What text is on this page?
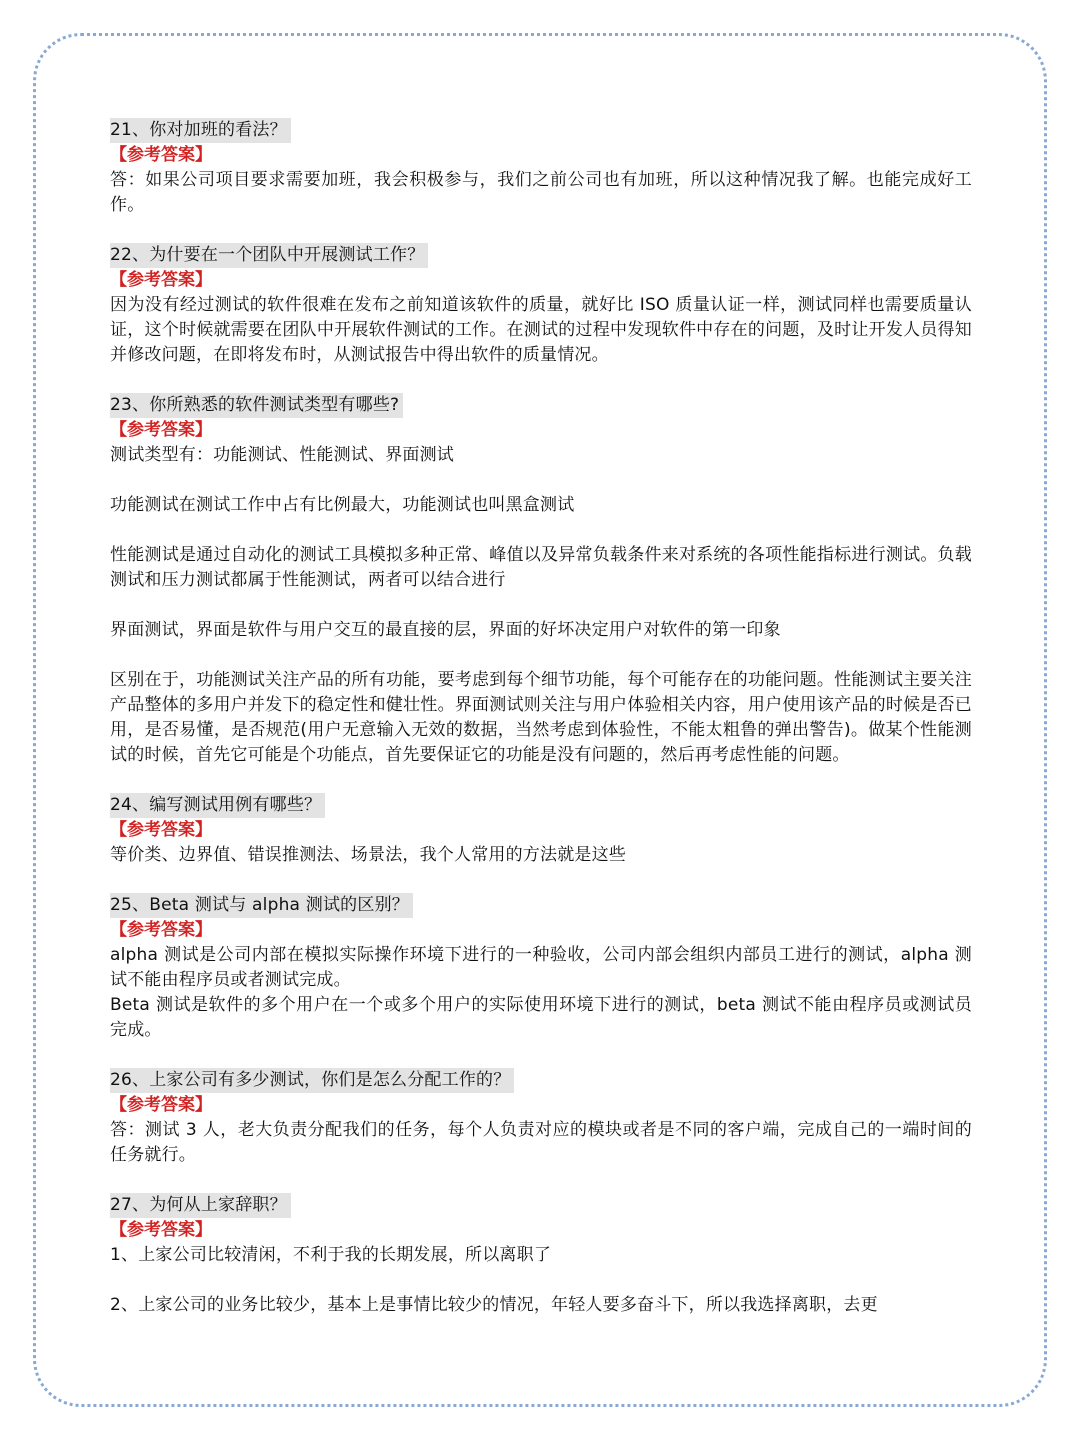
21、你对加班的看法？
【参考答案】

答：如果公司项目要求需要加班，我会积极参与，我们之前公司也有加班，所以这种情况我了解。也能完成好工作。

22、为什要在一个团队中开展测试工作？
【参考答案】

因为没有经过测试的软件很难在发布之前知道该软件的质量，就好比 ISO 质量认证一样，测试同样也需要质量认证，这个时候就需要在团队中开展软件测试的工作。在测试的过程中发现软件中存在的问题，及时让开发人员得知并修改问题，在即将发布时，从测试报告中得出软件的质量情况。

23、你所熟悉的软件测试类型有哪些?
【参考答案】

测试类型有：功能测试、性能测试、界面测试

功能测试在测试工作中占有比例最大，功能测试也叫黑盒测试

性能测试是通过自动化的测试工具模拟多种正常、峰值以及异常负载条件来对系统的各项性能指标进行测试。负载测试和压力测试都属于性能测试，两者可以结合进行

界面测试，界面是软件与用户交互的最直接的层，界面的好坏决定用户对软件的第一印象

区别在于，功能测试关注产品的所有功能，要考虑到每个细节功能，每个可能存在的功能问题。性能测试主要关注产品整体的多用户并发下的稳定性和健壮性。界面测试则关注与用户体验相关内容，用户使用该产品的时候是否已用，是否易懂，是否规范(用户无意输入无效的数据，当然考虑到体验性，不能太粗鲁的弹出警告)。做某个性能测试的时候，首先它可能是个功能点，首先要保证它的功能是没有问题的，然后再考虑性能的问题。

24、编写测试用例有哪些？
【参考答案】

等价类、边界值、错误推测法、场景法，我个人常用的方法就是这些

25、Beta 测试与 alpha 测试的区别？
【参考答案】

alpha 测试是公司内部在模拟实际操作环境下进行的一种验收，公司内部会组织内部员工进行的测试，alpha 测试不能由程序员或者测试完成。

Beta 测试是软件的多个用户在一个或多个用户的实际使用环境下进行的测试，beta 测试不能由程序员或测试员完成。

26、上家公司有多少测试，你们是怎么分配工作的？
【参考答案】

答：测试 3 人，老大负责分配我们的任务，每个人负责对应的模块或者是不同的客户端，完成自己的一端时间的任务就行。

27、为何从上家辞职？
【参考答案】

1、上家公司比较清闲，不利于我的长期发展，所以离职了

2、上家公司的业务比较少，基本上是事情比较少的情况，年轻人要多奋斗下，所以我选择离职，去更
